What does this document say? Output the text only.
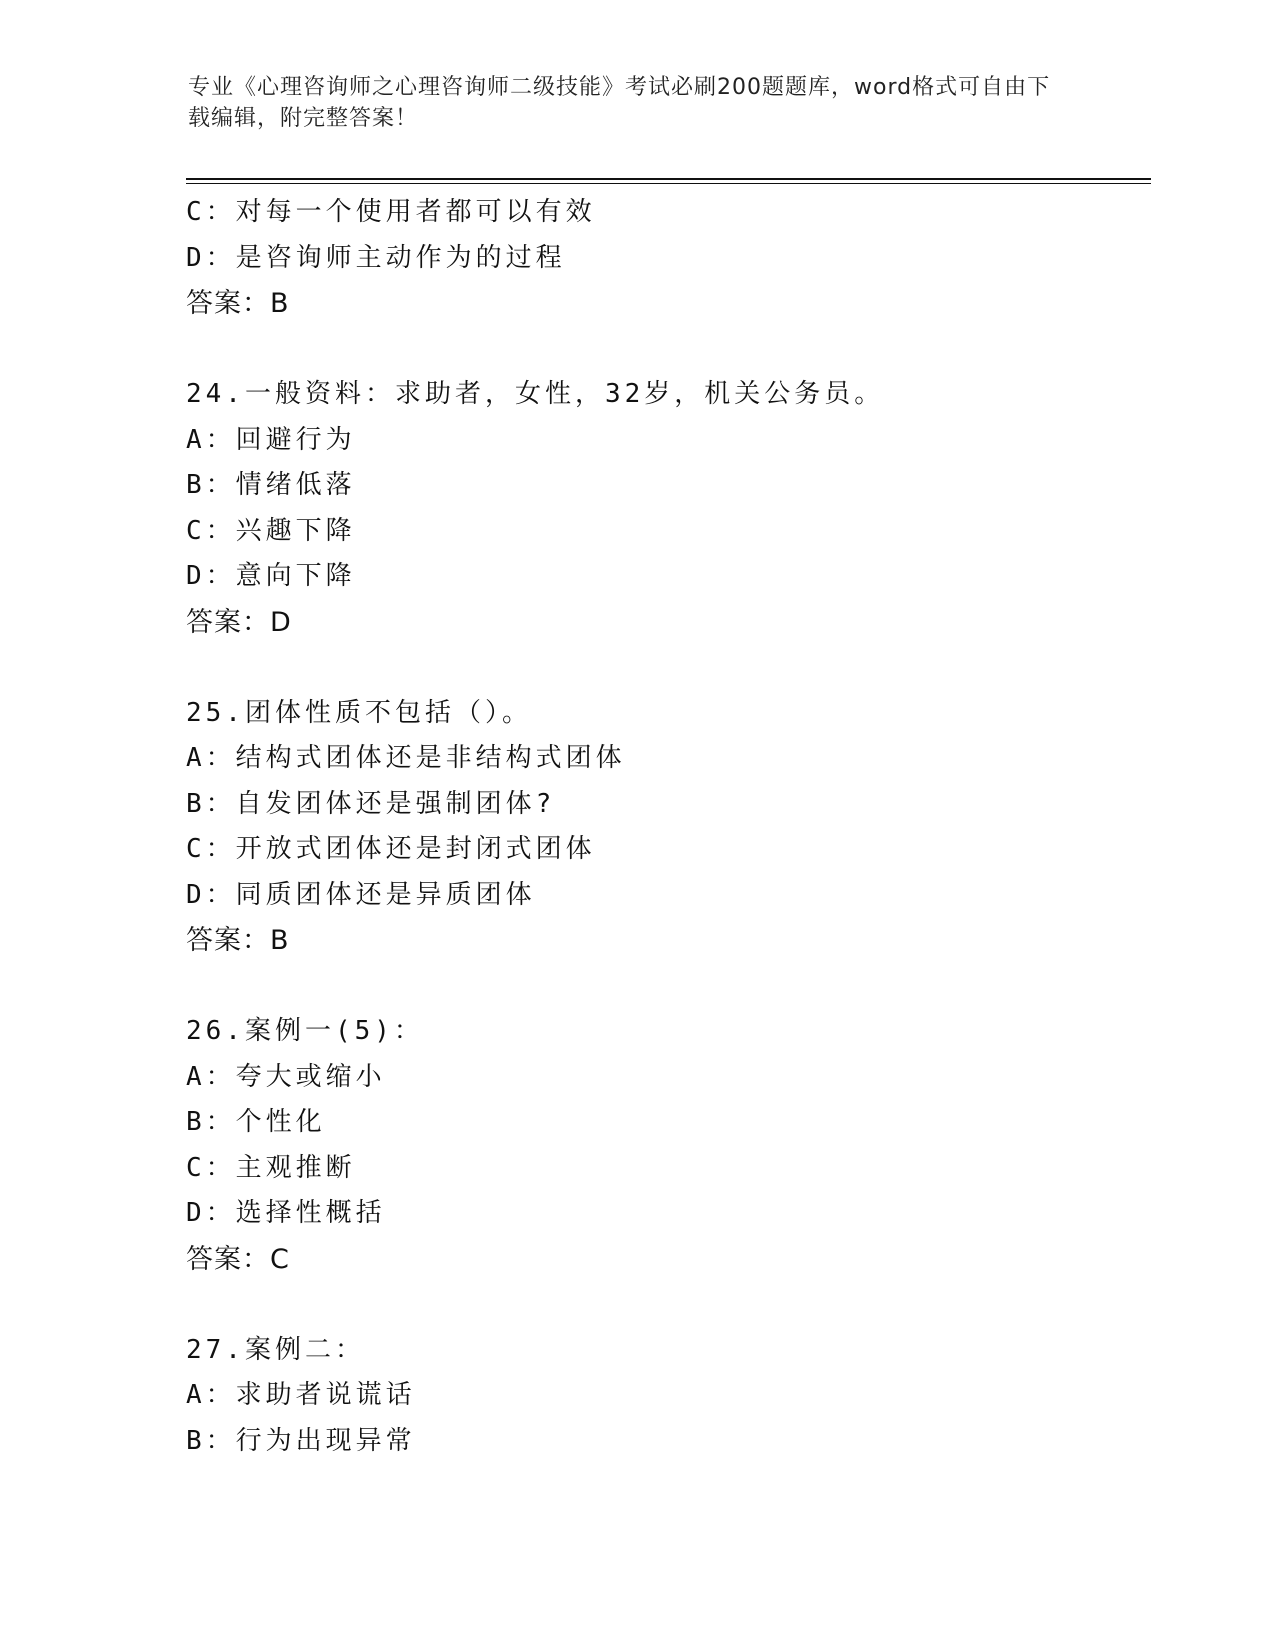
专业《心理咨询师之心理咨询师二级技能》考试必刷200题题库，word格式可自由下载编辑，附完整答案！
C：对每一个使用者都可以有效
D：是咨询师主动作为的过程
答案：B
24.一般资料：求助者，女性，32岁，机关公务员。
A：回避行为
B：情绪低落
C：兴趣下降
D：意向下降
答案：D
25.团体性质不包括（）。
A：结构式团体还是非结构式团体
B：自发团体还是强制团体?
C：开放式团体还是封闭式团体
D：同质团体还是异质团体
答案：B
26.案例一(5)：
A：夸大或缩小
B：个性化
C：主观推断
D：选择性概括
答案：C
27.案例二：
A：求助者说谎话
B：行为出现异常
